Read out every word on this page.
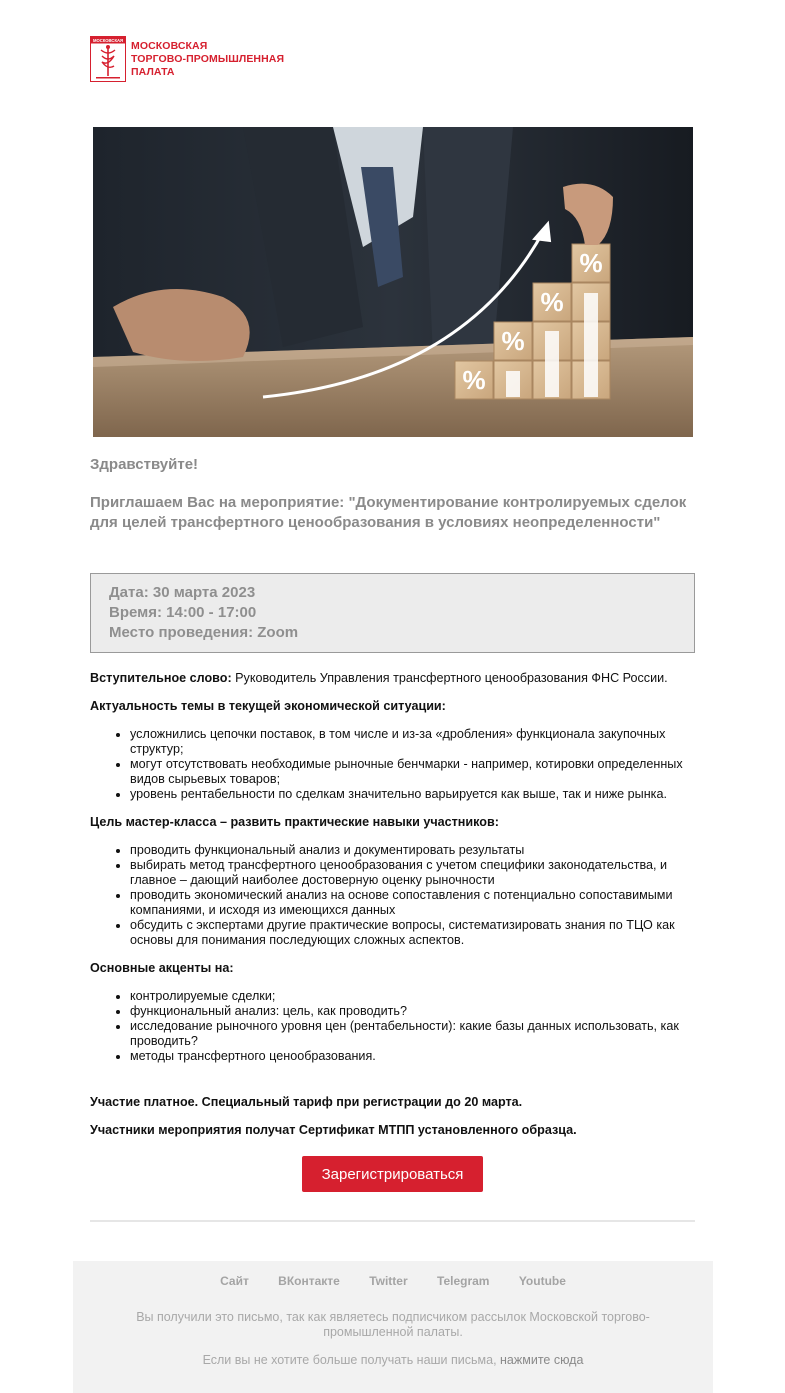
МОСКОВСКАЯ МОСКОВСКАЯ
ТОРГОВО-ПРОМЫШЛЕННАЯ
ПАЛАТА
%
%
%
%

Здравствуйте!

Приглашаем Вас на мероприятие: "Документирование контролируемых сделок для целей трансфертного ценообразования в условиях неопределенности"

Дата: 30 марта 2023
Время: 14:00 - 17:00
Место проведения: Zoom

Вступительное слово: Руководитель Управления трансфертного ценообразования ФНС России.

Актуальность темы в текущей экономической ситуации:

• усложнились цепочки поставок, в том числе и из-за «дробления» функционала закупочных структур;
• могут отсутствовать необходимые рыночные бенчмарки - например, котировки определенных видов сырьевых товаров;
• уровень рентабельности по сделкам значительно варьируется как выше, так и ниже рынка.

Цель мастер-класса – развить практические навыки участников:

• проводить функциональный анализ и документировать результаты
• выбирать метод трансфертного ценообразования с учетом специфики законодательства, и главное – дающий наиболее достоверную оценку рыночности
• проводить экономический анализ на основе сопоставления с потенциально сопоставимыми компаниями, и исходя из имеющихся данных
• обсудить с экспертами другие практические вопросы, систематизировать знания по ТЦО как основы для понимания последующих сложных аспектов.

Основные акценты на:

• контролируемые сделки;
• функциональный анализ: цель, как проводить?
• исследование рыночного уровня цен (рентабельности): какие базы данных использовать, как проводить?
• методы трансфертного ценообразования.

Участие платное. Специальный тариф при регистрации до 20 марта.

Участники мероприятия получат Сертификат МТПП установленного образца.

Зарегистрироваться
Сайт ВКонтакте Twitter Telegram Youtube
Вы получили это письмо, так как являетесь подписчиком рассылок Московской торгово-промышленной палаты.
Если вы не хотите больше получать наши письма, нажмите сюда
